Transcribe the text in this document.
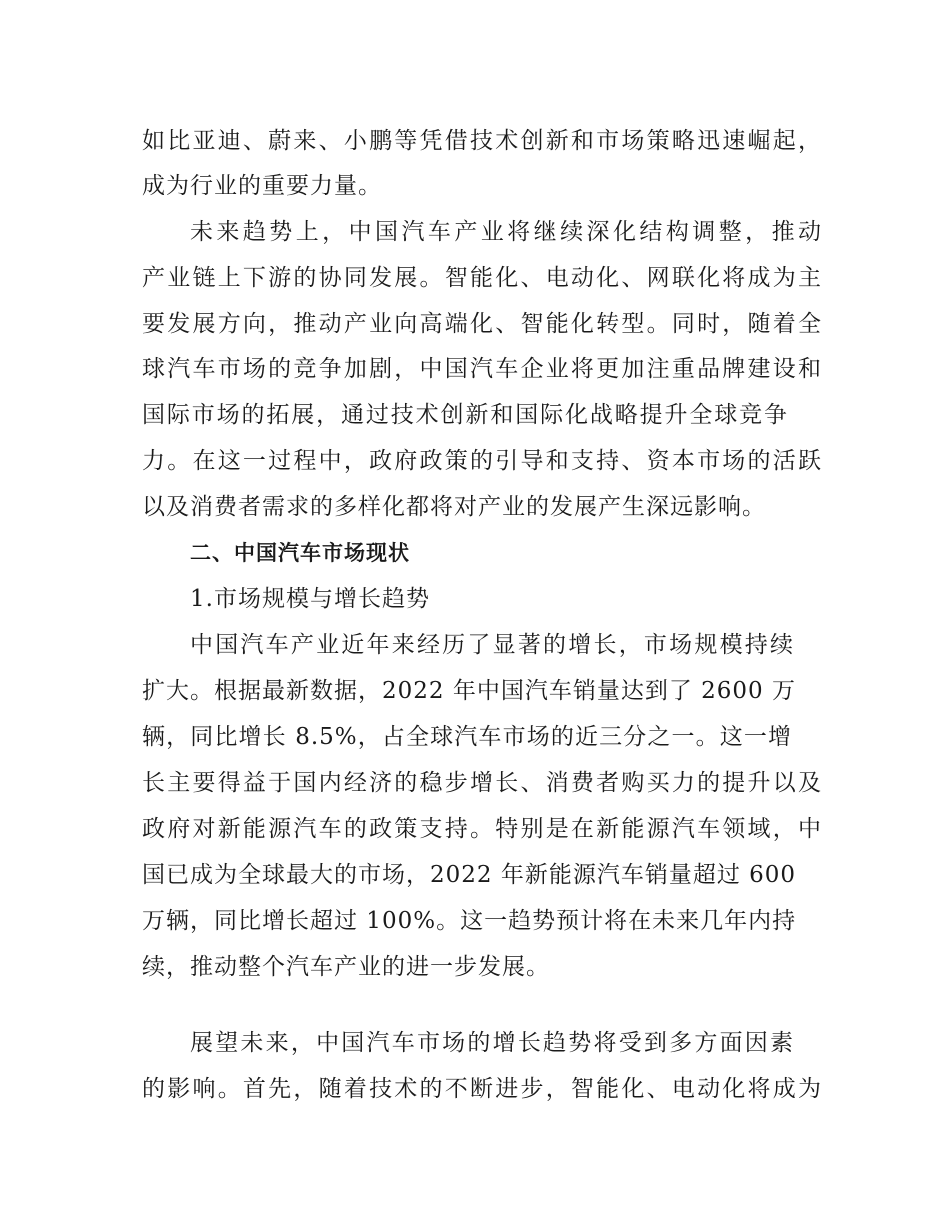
如比亚迪、蔚来、小鹏等凭借技术创新和市场策略迅速崛起，
成为行业的重要力量。
未来趋势上，中国汽车产业将继续深化结构调整，推动
产业链上下游的协同发展。智能化、电动化、网联化将成为主
要发展方向，推动产业向高端化、智能化转型。同时，随着全
球汽车市场的竞争加剧，中国汽车企业将更加注重品牌建设和
国际市场的拓展，通过技术创新和国际化战略提升全球竞争
力。在这一过程中，政府政策的引导和支持、资本市场的活跃
以及消费者需求的多样化都将对产业的发展产生深远影响。
二、中国汽车市场现状
1.市场规模与增长趋势
中国汽车产业近年来经历了显著的增长，市场规模持续
扩大。根据最新数据，2022 年中国汽车销量达到了 2600 万
辆，同比增长 8.5%，占全球汽车市场的近三分之一。这一增
长主要得益于国内经济的稳步增长、消费者购买力的提升以及
政府对新能源汽车的政策支持。特别是在新能源汽车领域，中
国已成为全球最大的市场，2022 年新能源汽车销量超过 600
万辆，同比增长超过 100%。这一趋势预计将在未来几年内持
续，推动整个汽车产业的进一步发展。
展望未来，中国汽车市场的增长趋势将受到多方面因素
的影响。首先，随着技术的不断进步，智能化、电动化将成为
